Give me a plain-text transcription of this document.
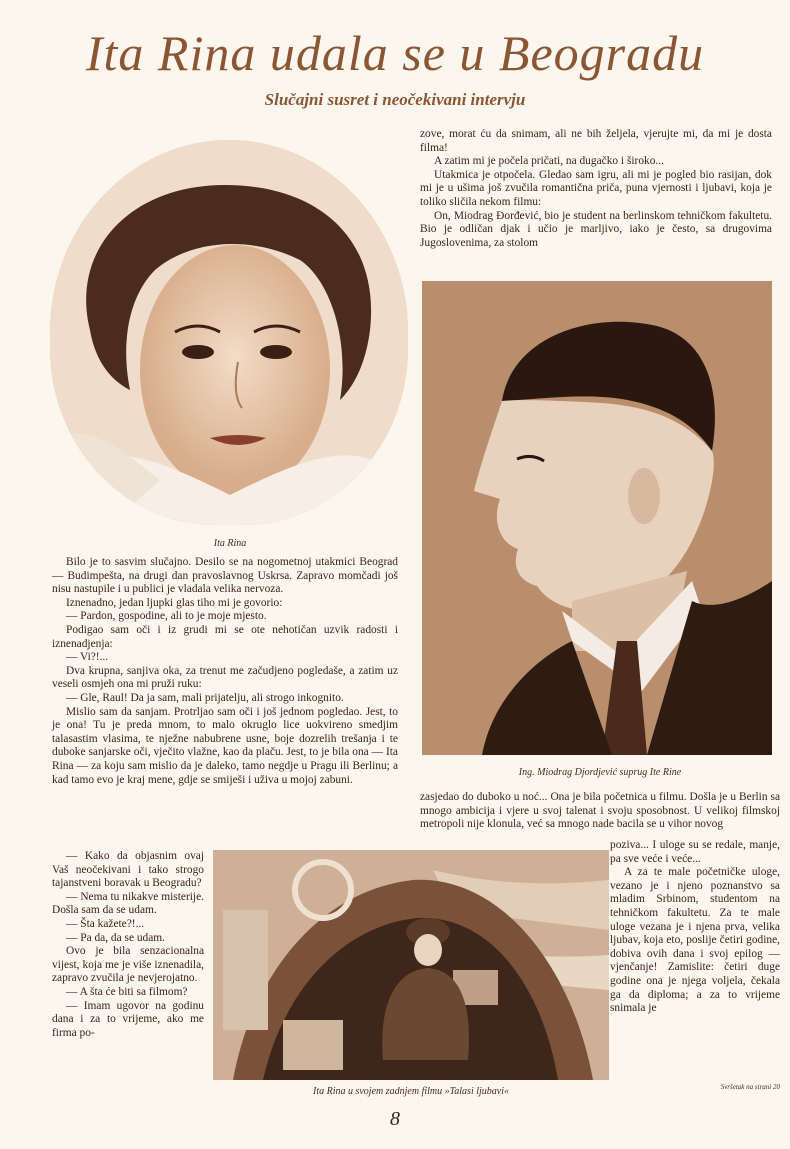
Ita Rina udala se u Beogradu
Slučajni susret i neočekivani intervju
Ita Rina
Ing. Miodrag Djordjević suprug Ite Rine
Ita Rina u svojem zadnjem filmu »Talasi ljubavi«

Bilo je to sasvim slučajno. Desilo se na nogometnoj utakmici Beograd — Budimpešta, na drugi dan pravoslavnog Uskrsa. Zapravo momčadi još nisu nastupile i u publici je vladala velika nervoza.

Iznenadno, jedan ljupki glas tiho mi je govorio:

— Pardon, gospodine, ali to je moje mjesto.

Podigao sam oči i iz grudi mi se ote nehotičan uzvik radosti i iznenadjenja:

— Vi?!...

Dva krupna, sanjiva oka, za trenut me začudjeno pogledaše, a zatim uz veseli osmjeh ona mi pruži ruku:

— Gle, Raul! Da ja sam, mali prijatelju, ali strogo inkognito.

Mislio sam da sanjam. Protrljao sam oči i još jednom pogledao. Jest, to je ona! Tu je preda mnom, to malo okruglo lice uokvireno smedjim talasastim vlasima, te nježne nabubrene usne, boje dozrelih trešanja i te duboke sanjarske oči, vječito vlažne, kao da plaču. Jest, to je bila ona — Ita Rina — za koju sam mislio da je daleko, tamo negdje u Pragu ili Berlinu; a kad tamo evo je kraj mene, gdje se smiješi i uživa u mojoj zabuni.

— Kako da objasnim ovaj Vaš neočekivani i tako strogo tajanstveni boravak u Beogradu?

— Nema tu nikakve misterije. Došla sam da se udam.

— Šta kažete?!...

— Pa da, da se udam.

Ovo je bila senzacionalna vijest, koja me je više iznenadila, zapravo zvučila je nevjerojatno.

— A šta će biti sa filmom?

— Imam ugovor na godinu dana i za to vrijeme, ako me firma po-

zove, morat ću da snimam, ali ne bih željela, vjerujte mi, da mi je dosta filma!

A zatim mi je počela pričati, na dugačko i široko...

Utakmica je otpočela. Gledao sam igru, ali mi je pogled bio rasijan, dok mi je u ušima još zvučila romantična priča, puna vjernosti i ljubavi, koja je toliko sličila nekom filmu:

On, Miodrag Đorđević, bio je student na berlinskom tehničkom fakultetu. Bio je odličan djak i učio je marljivo, iako je često, sa drugovima Jugoslovenima, za stolom

zasjedao do duboko u noć... Ona je bila početnica u filmu. Došla je u Berlin sa mnogo ambicija i vjere u svoj talenat i svoju sposobnost. U velikoj filmskoj metropoli nije klonula, već sa mnogo nade bacila se u vihor novog

poziva... I uloge su se redale, manje, pa sve veće i veće...

A za te male početničke uloge, vezano je i njeno poznanstvo sa mladim Srbinom, studentom na tehničkom fakultetu. Za te male uloge vezana je i njena prva, velika ljubav, koja eto, poslije četiri godine, dobiva ovih dana i svoj epilog — vjenčanje! Zamislite: četiri duge godine ona je njega voljela, čekala ga da diploma; a za to vrijeme snimala je

Svršetak na strani 20
8
